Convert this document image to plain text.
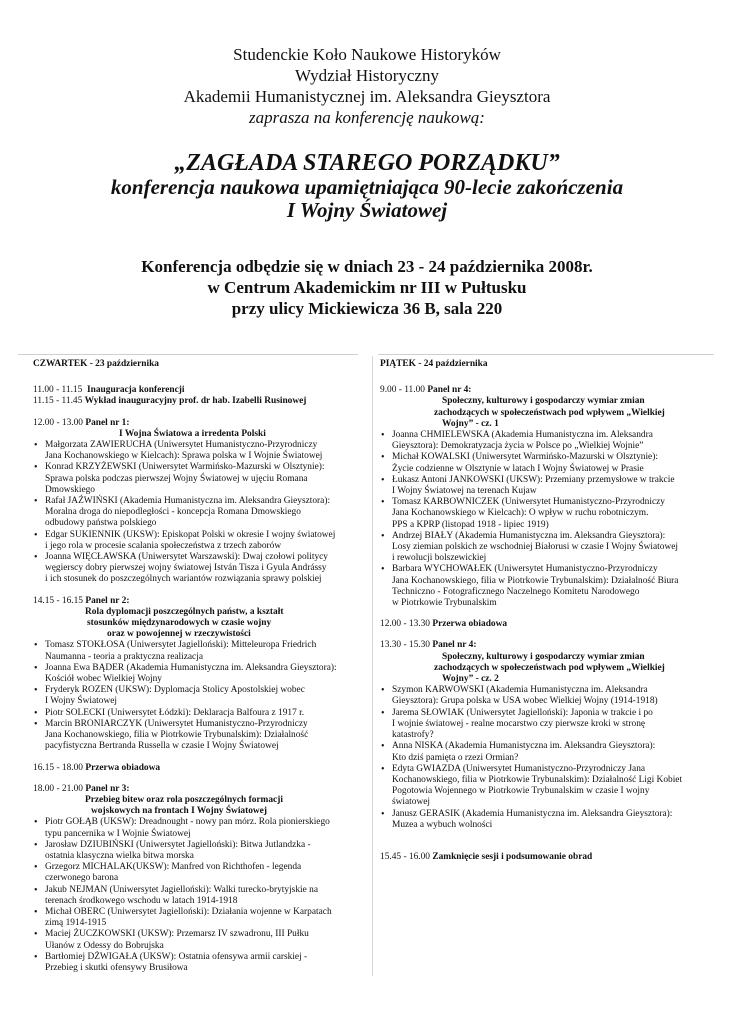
Studenckie Koło Naukowe Historyków
Wydział Historyczny
Akademii Humanistycznej im. Aleksandra Gieysztora
zaprasza na konferencję naukową:
„ZAGŁADA STAREGO PORZĄDKU”
konferencja naukowa upamiętniająca 90-lecie zakończenia
I Wojny Światowej
Konferencja odbędzie się w dniach 23 - 24 października 2008r.
w Centrum Akademickim nr III w Pułtusku
przy ulicy Mickiewicza 36 B, sala 220
CZWARTEK - 23 października
11.00 - 11.15 Inauguracja konferencji
11.15 - 11.45 Wykład inauguracyjny prof. dr hab. Izabelli Rusinowej
12.00 - 13.00 Panel nr 1:
I Wojna Światowa a irredenta Polski
• Małgorzata ZAWIERUCHA (Uniwersytet Humanistyczno-Przyrodniczy
Jana Kochanowskiego w Kielcach): Sprawa polska w I Wojnie Światowej
• Konrad KRZYŻEWSKI (Uniwersytet Warmińsko-Mazurski w Olsztynie):
Sprawa polska podczas pierwszej Wojny Światowej w ujęciu Romana
Dmowskiego
• Rafał JAŹWIŃSKI (Akademia Humanistyczna im. Aleksandra Gieysztora):
Moralna droga do niepodległości - koncepcja Romana Dmowskiego
odbudowy państwa polskiego
• Edgar SUKIENNIK (UKSW): Episkopat Polski w okresie I wojny światowej
i jego rola w procesie scalania społeczeństwa z trzech zaborów
• Joanna WIĘCŁAWSKA (Uniwersytet Warszawski): Dwaj czołowi politycy
węgierscy dobry pierwszej wojny światowej István Tisza i Gyula Andrássy
i ich stosunek do poszczególnych wariantów rozwiązania sprawy polskiej
14.15 - 16.15 Panel nr 2:
Rola dyplomacji poszczególnych państw, a kształt
stosunków międzynarodowych w czasie wojny
oraz w powojennej w rzeczywistości
• Tomasz STOKŁOSA (Uniwersytet Jagielloński): Mitteleuropa Friedrich
Naumanna - teoria a praktyczna realizacja
• Joanna Ewa BĄDER (Akademia Humanistyczna im. Aleksandra Gieysztora):
Kościół wobec Wielkiej Wojny
• Fryderyk ROZEN (UKSW): Dyplomacja Stolicy Apostolskiej wobec
I Wojny Światowej
• Piotr SOLECKI (Uniwersytet Łódzki): Deklaracja Balfoura z 1917 r.
• Marcin BRONIARCZYK (Uniwersytet Humanistyczno-Przyrodniczy
Jana Kochanowskiego, filia w Piotrkowie Trybunalskim): Działalność
pacyfistyczna Bertranda Russella w czasie I Wojny Światowej
16.15 - 18.00 Przerwa obiadowa
18.00 - 21.00 Panel nr 3:
Przebieg bitew oraz rola poszczególnych formacji
wojskowych na frontach I Wojny Światowej
• Piotr GOŁĄB (UKSW): Dreadnought - nowy pan mórz. Rola pionierskiego
typu pancernika w I Wojnie Światowej
• Jarosław DZIUBIŃSKI (Uniwersytet Jagielloński): Bitwa Jutlandzka -
ostatnia klasyczna wielka bitwa morska
• Grzegorz MICHALAK(UKSW): Manfred von Richthofen - legenda
czerwonego barona
• Jakub NEJMAN (Uniwersytet Jagielloński): Walki turecko-brytyjskie na
terenach środkowego wschodu w latach 1914-1918
• Michał OBERC (Uniwersytet Jagielloński): Działania wojenne w Karpatach
zimą 1914-1915
• Maciej ŻUCZKOWSKI (UKSW): Przemarsz IV szwadronu, III Pułku
Ułanów z Odessy do Bobrujska
• Bartłomiej DŻWIGAŁA (UKSW): Ostatnia ofensywa armii carskiej -
Przebieg i skutki ofensywy Brusiłowa
PIĄTEK - 24 października
9.00 - 11.00 Panel nr 4:
Społeczny, kulturowy i gospodarczy wymiar zmian
zachodzących w społeczeństwach pod wpływem „Wielkiej
Wojny” - cz. 1
• Joanna CHMIELEWSKA (Akademia Humanistyczna im. Aleksandra
Gieysztora): Demokratyzacja życia w Polsce po „Wielkiej Wojnie”
• Michał KOWALSKI (Uniwersytet Warmińsko-Mazurski w Olsztynie):
Życie codzienne w Olsztynie w latach I Wojny Światowej w Prasie
• Łukasz Antoni JANKOWSKI (UKSW): Przemiany przemysłowe w trakcie
I Wojny Światowej na terenach Kujaw
• Tomasz KARBOWNICZEK (Uniwersytet Humanistyczno-Przyrodniczy
Jana Kochanowskiego w Kielcach): O wpływ w ruchu robotniczym.
PPS a KPRP (listopad 1918 - lipiec 1919)
• Andrzej BIAŁY (Akademia Humanistyczna im. Aleksandra Gieysztora):
Losy ziemian polskich ze wschodniej Białorusi w czasie I Wojny Światowej
i rewolucji bolszewickiej
• Barbara WYCHOWAŁEK (Uniwersytet Humanistyczno-Przyrodniczy
Jana Kochanowskiego, filia w Piotrkowie Trybunalskim): Działalność Biura
Techniczno - Fotograficznego Naczelnego Komitetu Narodowego
w Piotrkowie Trybunalskim
12.00 - 13.30 Przerwa obiadowa
13.30 - 15.30 Panel nr 4:
Społeczny, kulturowy i gospodarczy wymiar zmian
zachodzących w społeczeństwach pod wpływem „Wielkiej
Wojny” - cz. 2
• Szymon KARWOWSKI (Akademia Humanistyczna im. Aleksandra
Gieysztora): Grupa polska w USA wobec Wielkiej Wojny (1914-1918)
• Jarema SŁOWIAK (Uniwersytet Jagielloński): Japonia w trakcie i po
I wojnie światowej - realne mocarstwo czy pierwsze kroki w stronę
katastrofy?
• Anna NISKA (Akademia Humanistyczna im. Aleksandra Gieysztora):
Kto dziś pamięta o rzezi Ormian?
• Edyta GWIAZDA (Uniwersytet Humanistyczno-Przyrodniczy Jana
Kochanowskiego, filia w Piotrkowie Trybunalskim): Działalność Ligi Kobiet
Pogotowia Wojennego w Piotrkowie Trybunalskim w czasie I wojny
światowej
• Janusz GERASIK (Akademia Humanistyczna im. Aleksandra Gieysztora):
Muzea a wybuch wolności
15.45 - 16.00 Zamknięcie sesji i podsumowanie obrad
